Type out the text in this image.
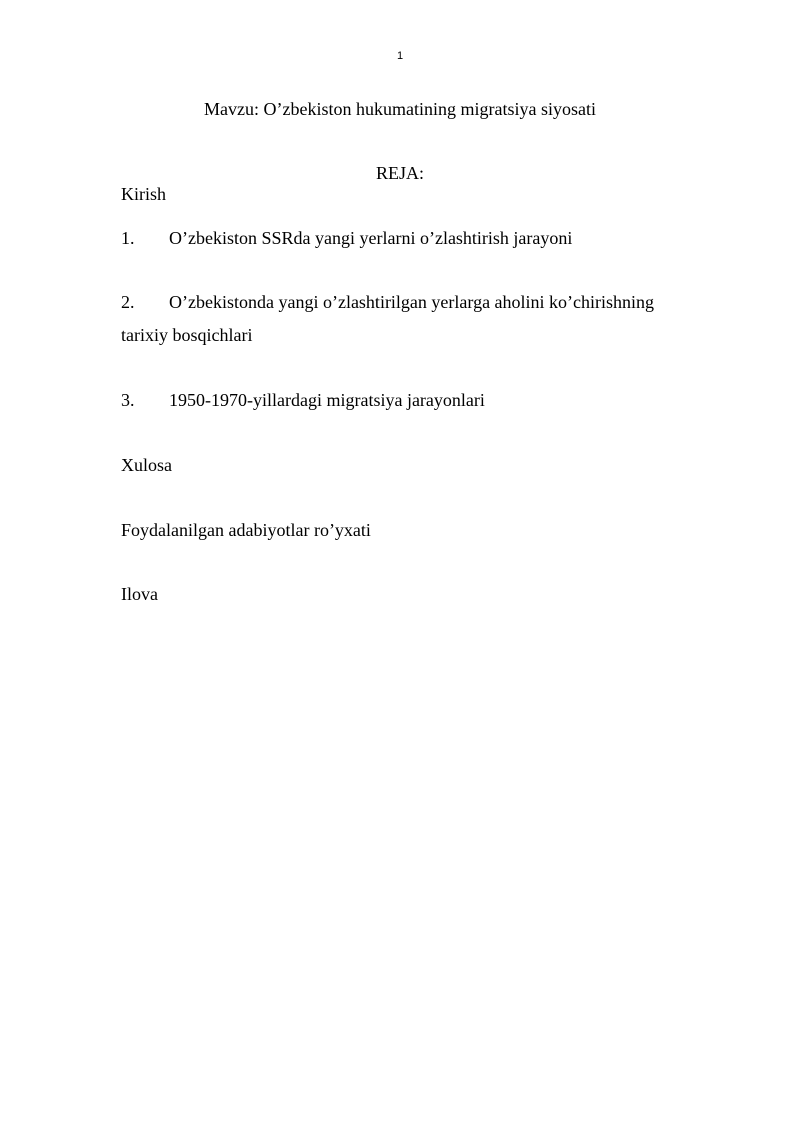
1
Mavzu: O’zbekiston hukumatining migratsiya siyosati
REJA:
Kirish
1. O’zbekiston SSRda yangi yerlarni o’zlashtirish jarayoni
2. O’zbekistonda yangi o’zlashtirilgan yerlarga aholini ko’chirishning
tarixiy bosqichlari
3. 1950-1970-yillardagi migratsiya jarayonlari
Xulosa
Foydalanilgan adabiyotlar ro’yxati
Ilova
